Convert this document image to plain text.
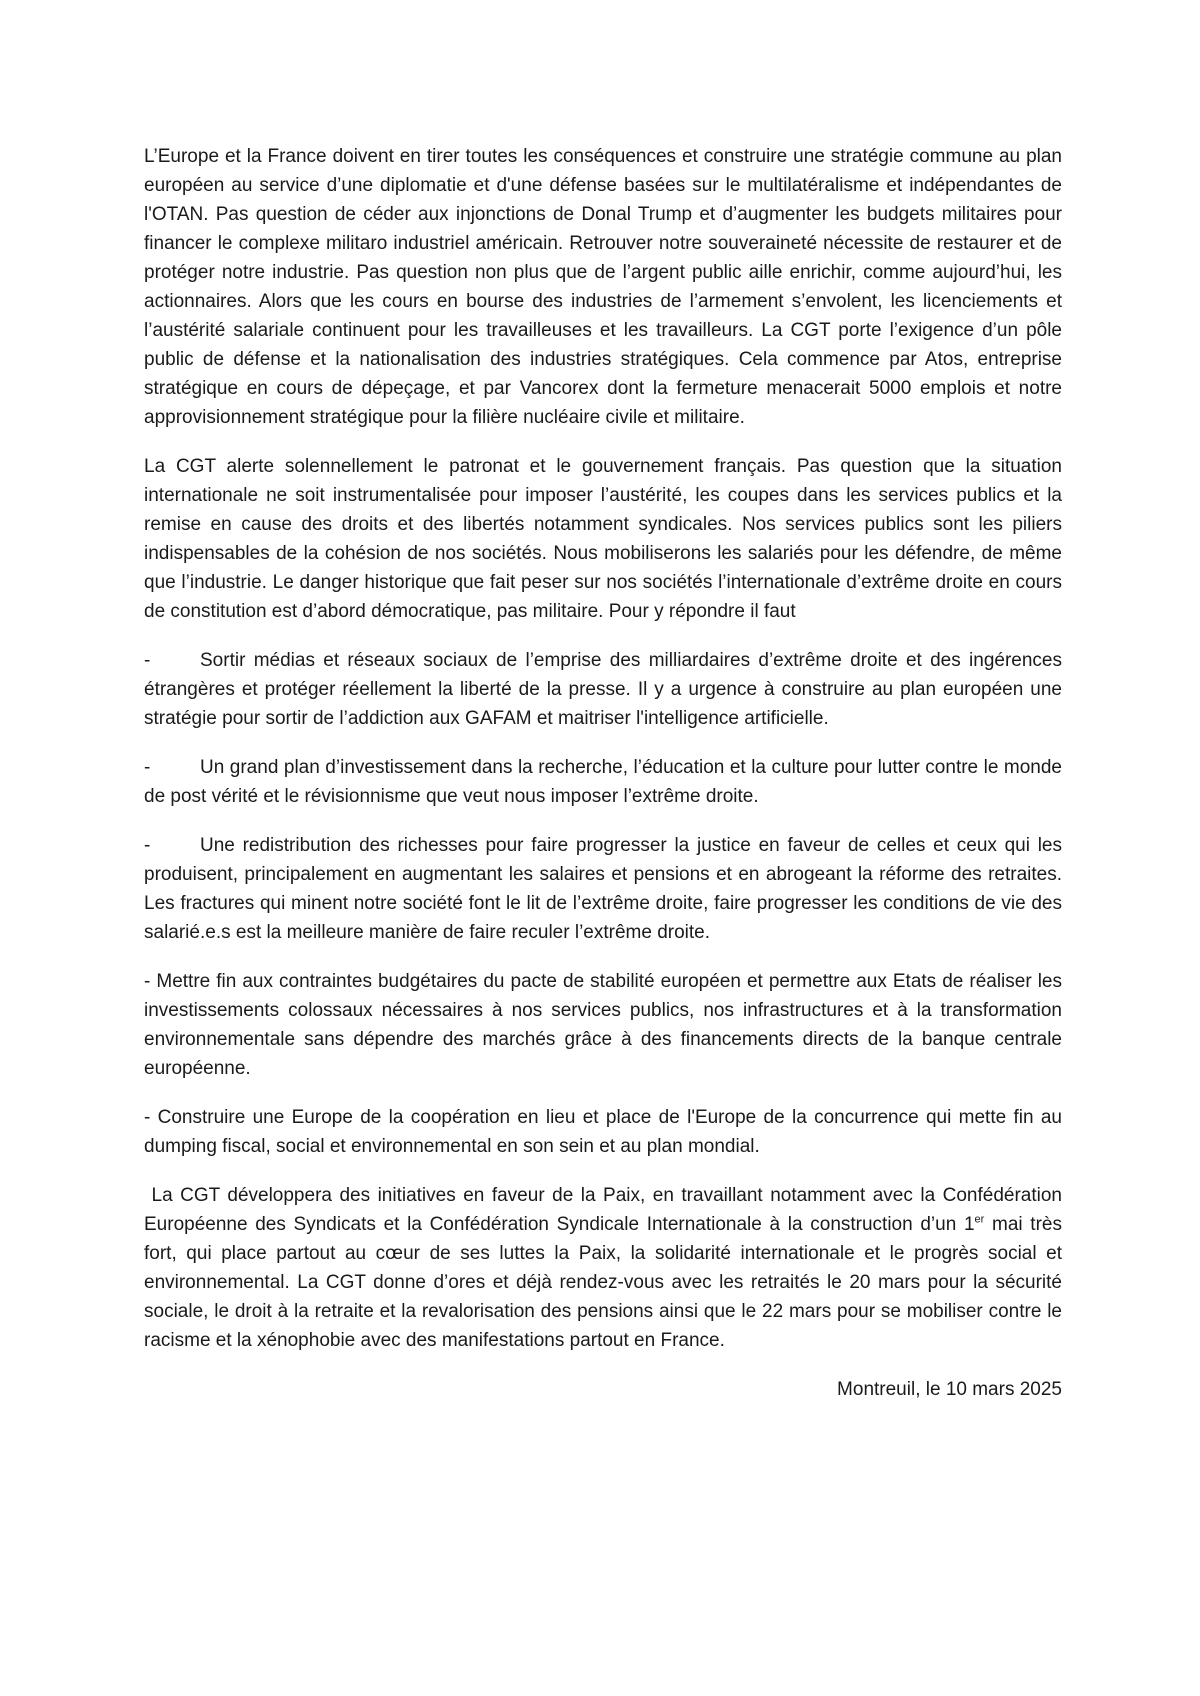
L’Europe et la France doivent en tirer toutes les conséquences et construire une stratégie commune au plan européen au service d’une diplomatie et d'une défense basées sur le multilatéralisme et indépendantes de l'OTAN. Pas question de céder aux injonctions de Donal Trump et d’augmenter les budgets militaires pour financer le complexe militaro industriel américain. Retrouver notre souveraineté nécessite de restaurer et de protéger notre industrie. Pas question non plus que de l’argent public aille enrichir, comme aujourd’hui, les actionnaires. Alors que les cours en bourse des industries de l’armement s’envolent, les licenciements et l’austérité salariale continuent pour les travailleuses et les travailleurs. La CGT porte l’exigence d’un pôle public de défense et la nationalisation des industries stratégiques. Cela commence par Atos, entreprise stratégique en cours de dépeçage, et par Vancorex dont la fermeture menacerait 5000 emplois et notre approvisionnement stratégique pour la filière nucléaire civile et militaire.

La CGT alerte solennellement le patronat et le gouvernement français. Pas question que la situation internationale ne soit instrumentalisée pour imposer l’austérité, les coupes dans les services publics et la remise en cause des droits et des libertés notamment syndicales. Nos services publics sont les piliers indispensables de la cohésion de nos sociétés. Nous mobiliserons les salariés pour les défendre, de même que l’industrie. Le danger historique que fait peser sur nos sociétés l’internationale d’extrême droite en cours de constitution est d’abord démocratique, pas militaire. Pour y répondre il faut

-	Sortir médias et réseaux sociaux de l’emprise des milliardaires d’extrême droite et des ingérences étrangères et protéger réellement la liberté de la presse. Il y a urgence à construire au plan européen une stratégie pour sortir de l’addiction aux GAFAM et maitriser l'intelligence artificielle.

-	Un grand plan d’investissement dans la recherche, l’éducation et la culture pour lutter contre le monde de post vérité et le révisionnisme que veut nous imposer l’extrême droite.

-	Une redistribution des richesses pour faire progresser la justice en faveur de celles et ceux qui les produisent, principalement en augmentant les salaires et pensions et en abrogeant la réforme des retraites. Les fractures qui minent notre société font le lit de l’extrême droite, faire progresser les conditions de vie des salarié.e.s est la meilleure manière de faire reculer l’extrême droite.

- Mettre fin aux contraintes budgétaires du pacte de stabilité européen et permettre aux Etats de réaliser les investissements colossaux nécessaires à nos services publics, nos infrastructures et à la transformation environnementale sans dépendre des marchés grâce à des financements directs de la banque centrale européenne.

- Construire une Europe de la coopération en lieu et place de l'Europe de la concurrence qui mette fin au dumping fiscal, social et environnemental en son sein et au plan mondial.

La CGT développera des initiatives en faveur de la Paix, en travaillant notamment avec la Confédération Européenne des Syndicats et la Confédération Syndicale Internationale à la construction d’un 1er mai très fort, qui place partout au cœur de ses luttes la Paix, la solidarité internationale et le progrès social et environnemental. La CGT donne d’ores et déjà rendez-vous avec les retraités le 20 mars pour la sécurité sociale, le droit à la retraite et la revalorisation des pensions ainsi que le 22 mars pour se mobiliser contre le racisme et la xénophobie avec des manifestations partout en France.

Montreuil, le 10 mars 2025
